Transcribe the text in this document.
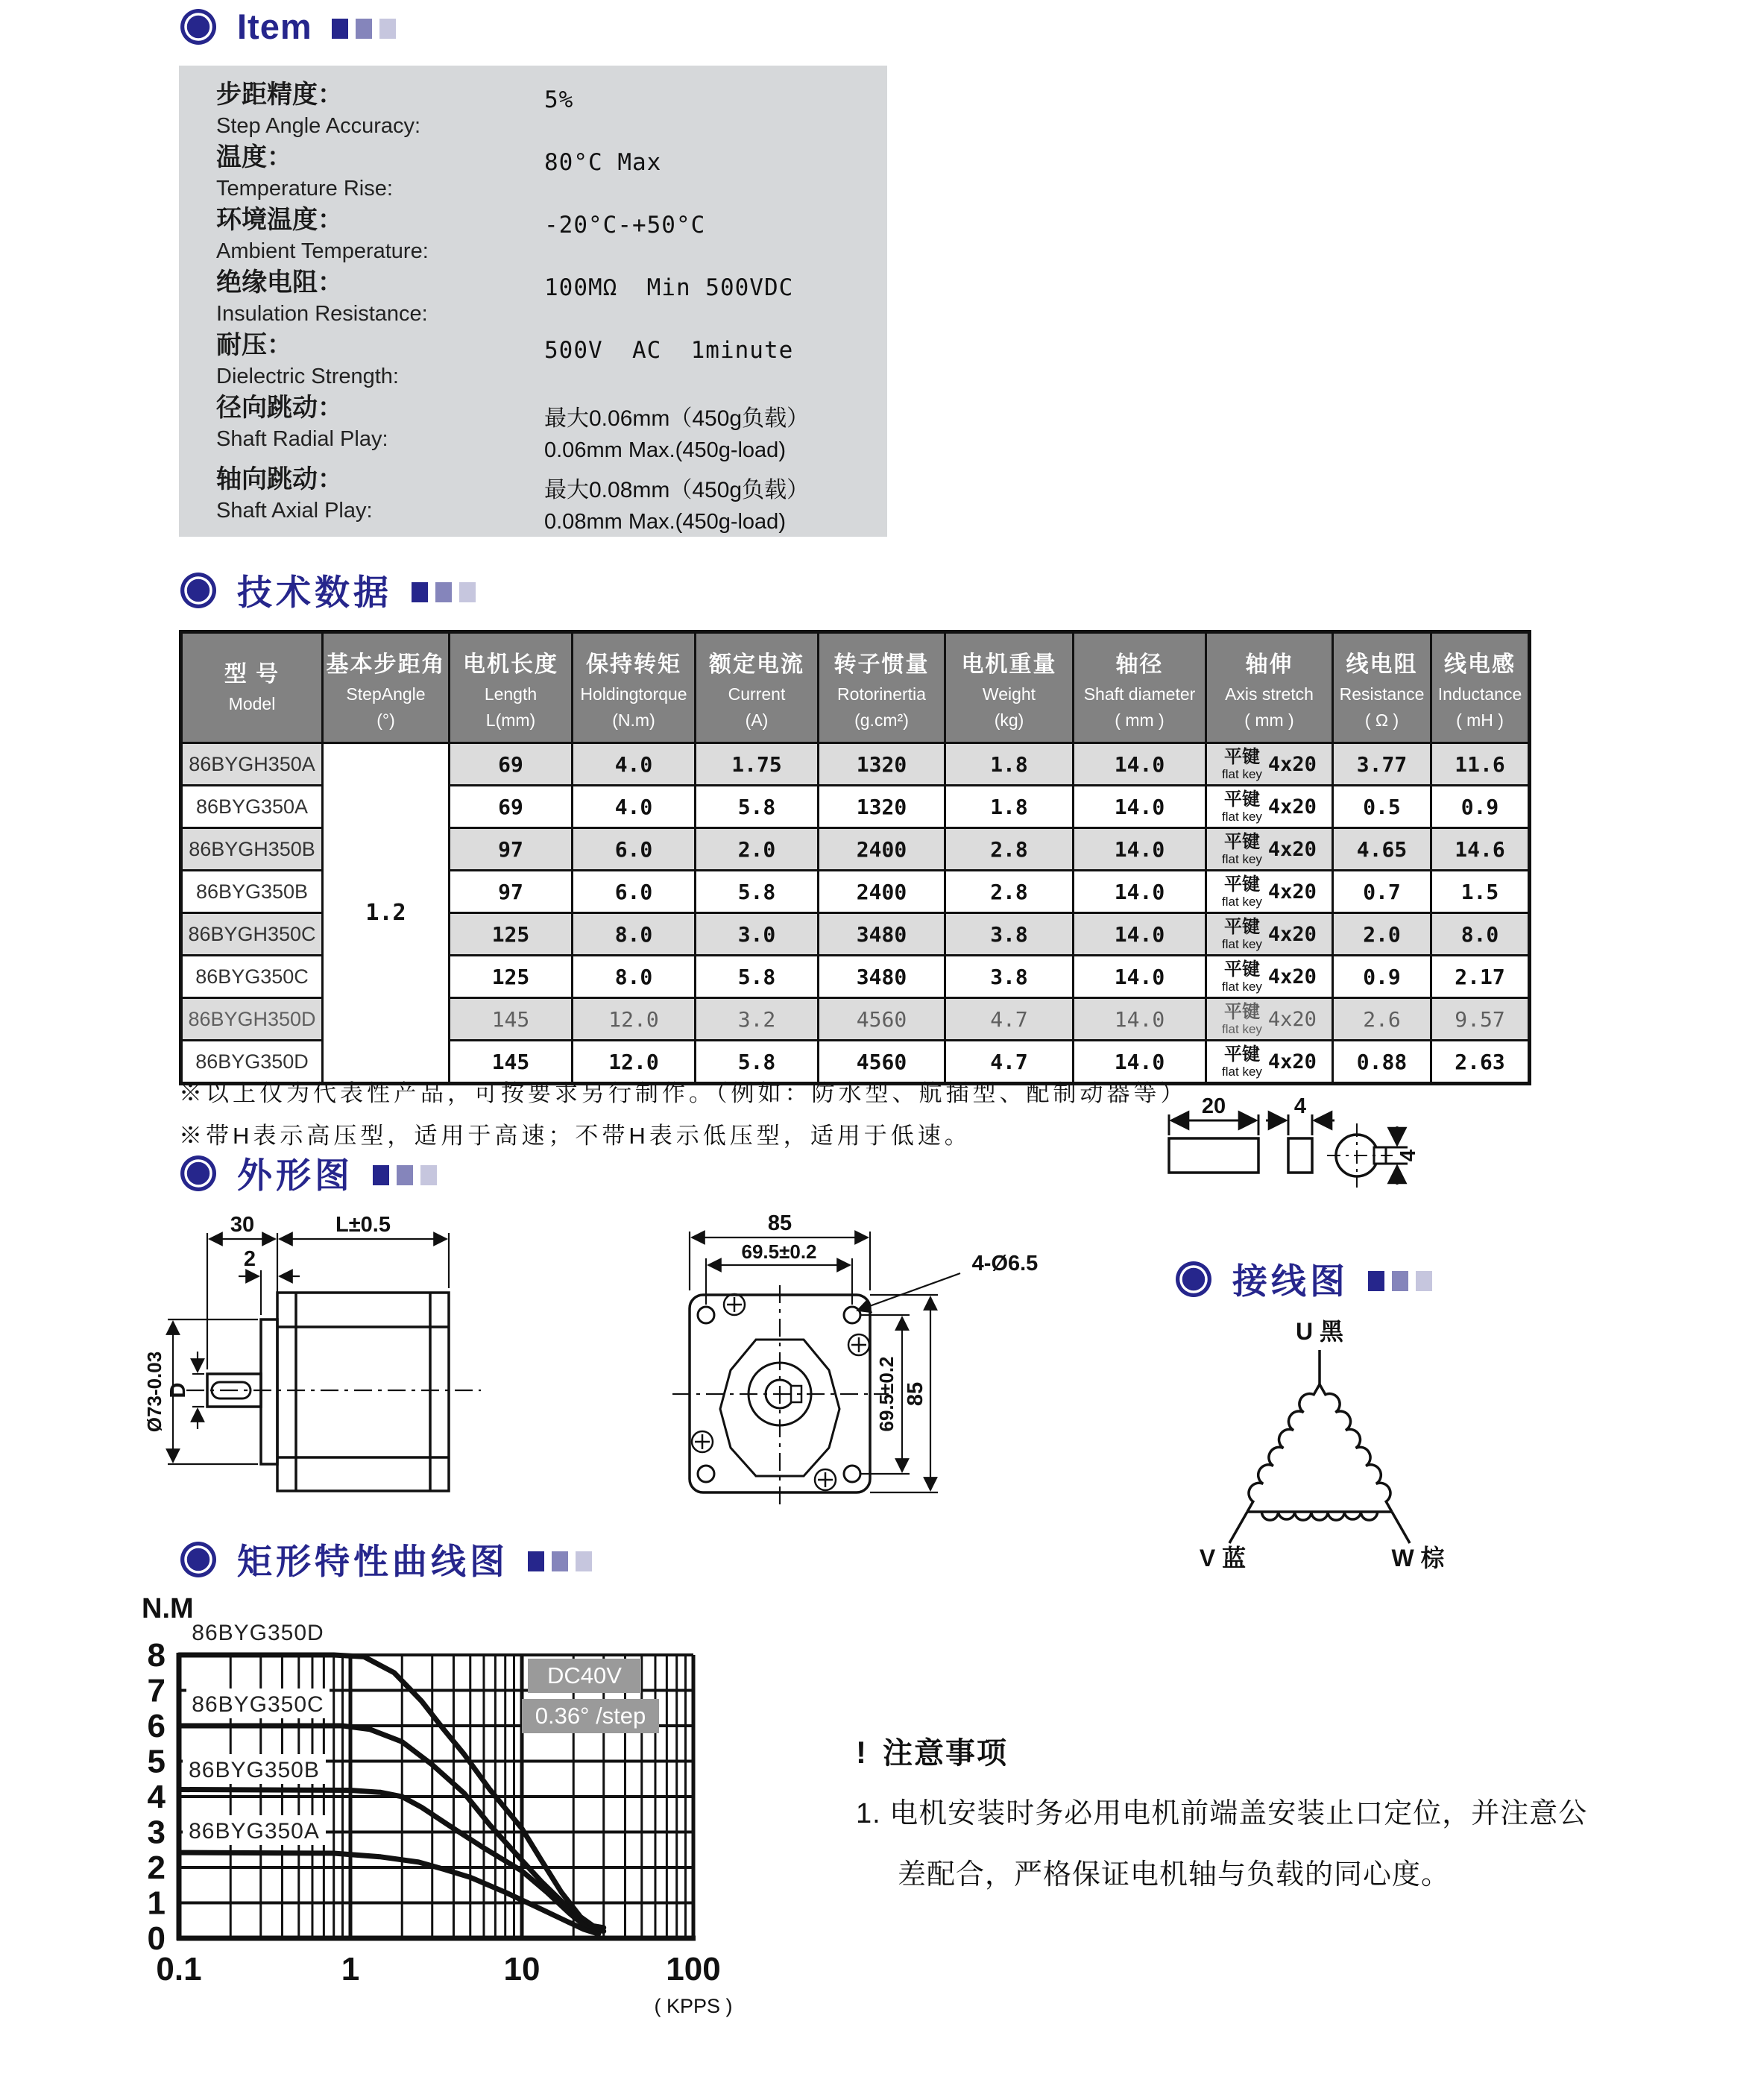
Item
步距精度：
Step Angle Accuracy:
5%
温度：
Temperature Rise:
80°C Max
环境温度：
Ambient Temperature:
-20°C-+50°C
绝缘电阻：
Insulation Resistance:
100MΩ  Min 500VDC
耐压：
Dielectric Strength:
500V  AC  1minute
径向跳动：
Shaft Radial Play:
最大0.06mm（450g负载）
0.06mm Max.(450g-load)
轴向跳动：
Shaft Axial Play:
最大0.08mm（450g负载）
0.08mm Max.(450g-load)
技术数据
型 号
Model	基本步距角
StepAngle
(°)	电机长度
Length
L(mm)	保持转矩
Holdingtorque
(N.m)	额定电流
Current
(A)	转子惯量
Rotorinertia
(g.cm²)	电机重量
Weight
(kg)	轴径
Shaft diameter
( mm )	轴伸
Axis stretch
( mm )	线电阻
Resistance
( Ω )	线电感
Inductance
( mH )

86BYGH350A	1.2	69	4.0	1.75	1320	1.8	14.0	平键
flat key 4x20	3.77	11.6
86BYG350A		69	4.0	5.8	1320	1.8	14.0	平键
flat key 4x20	0.5	0.9
86BYGH350B		97	6.0	2.0	2400	2.8	14.0	平键
flat key 4x20	4.65	14.6
86BYG350B		97	6.0	5.8	2400	2.8	14.0	平键
flat key 4x20	0.7	1.5
86BYGH350C		125	8.0	3.0	3480	3.8	14.0	平键
flat key 4x20	2.0	8.0
86BYG350C		125	8.0	5.8	3480	3.8	14.0	平键
flat key 4x20	0.9	2.17
86BYGH350D		145	12.0	3.2	4560	4.7	14.0	平键
flat key 4x20	2.6	9.57
86BYG350D		145	12.0	5.8	4560	4.7	14.0	平键
flat key 4x20	0.88	2.63
※以上仅为代表性产品，可按要求另行制作。（例如：防水型、航插型、配制动器等）
※带H表示高压型，适用于高速；不带H表示低压型，适用于低速。
20	4
4
外形图
30	L±0.5
2
Ø73-0.03 D
85
69.5±0.2	4-Ø6.5
69.5±0.2 85
接线图
U 黑
V 蓝	W 棕
矩形特性曲线图
86BYG350D
86BYG350C
86BYG350B
86BYG350A
DC40V
0.36° /step
0
1
2
3
4
5
6
7
8
0.1	1	10	100
N.M
( KPPS )
! 注意事项
1. 电机安装时务必用电机前端盖安装止口定位，并注意公
差配合，严格保证电机轴与负载的同心度。
